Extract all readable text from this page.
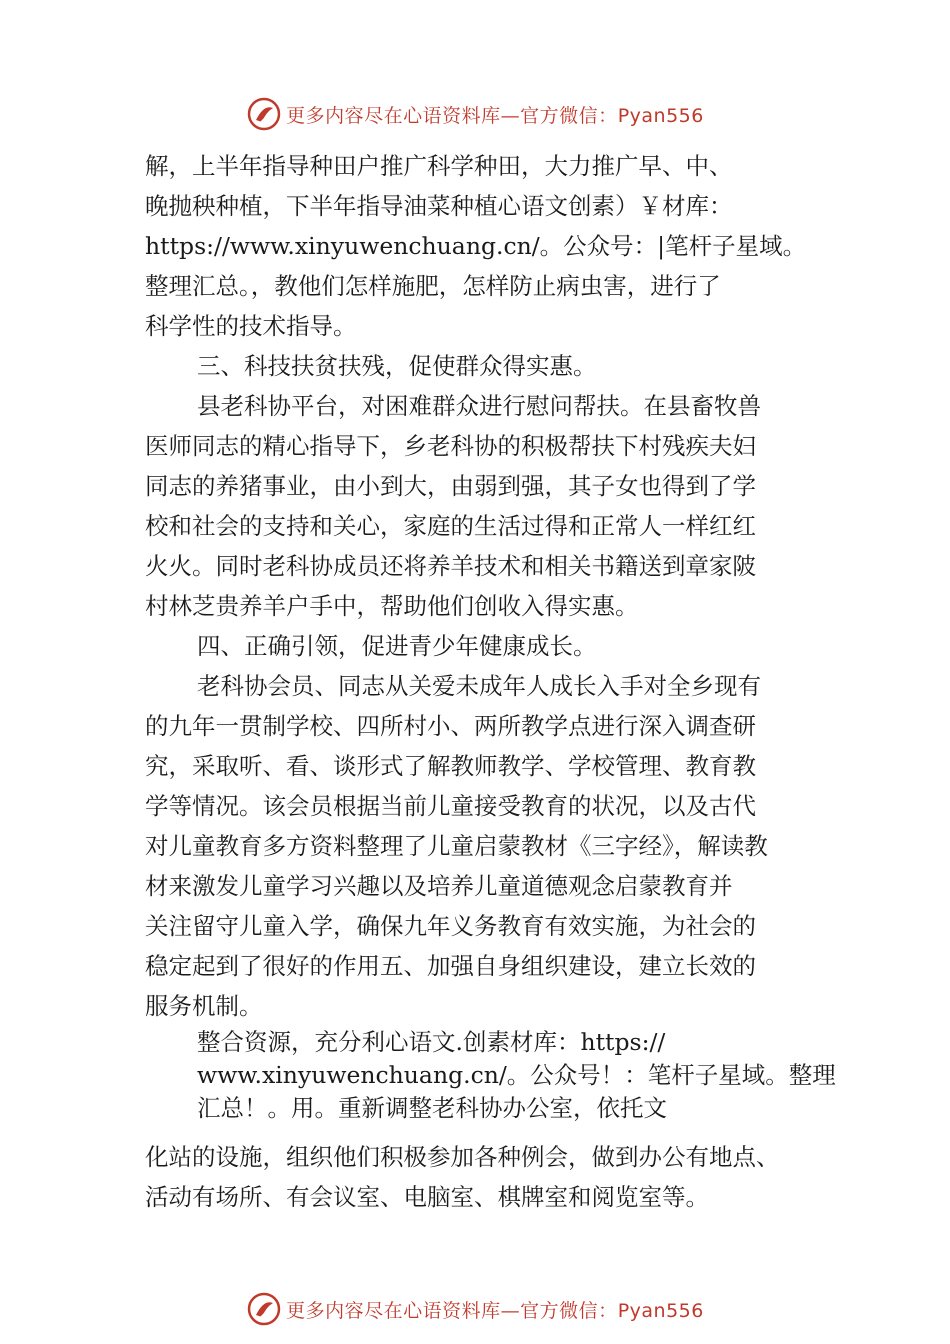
更多内容尽在心语资料库—官方微信：Pyan556
解，上半年指导种田户推广科学种田，大力推广早、中、
晚抛秧种植，下半年指导油菜种植心语文创素）￥材库：
https://www.xinyuwenchuang.cn/。公众号：|笔杆子星域。
整理汇总。，教他们怎样施肥，怎样防止病虫害，进行了
科学性的技术指导。
三、科技扶贫扶残，促使群众得实惠。
县老科协平台，对困难群众进行慰问帮扶。在县畜牧兽
医师同志的精心指导下，乡老科协的积极帮扶下村残疾夫妇
同志的养猪事业，由小到大，由弱到强，其子女也得到了学
校和社会的支持和关心，家庭的生活过得和正常人一样红红
火火。同时老科协成员还将养羊技术和相关书籍送到章家陂
村林芝贵养羊户手中，帮助他们创收入得实惠。
四、正确引领，促进青少年健康成长。
老科协会员、同志从关爱未成年人成长入手对全乡现有
的九年一贯制学校、四所村小、两所教学点进行深入调查研
究，采取听、看、谈形式了解教师教学、学校管理、教育教
学等情况。该会员根据当前儿童接受教育的状况，以及古代
对儿童教育多方资料整理了儿童启蒙教材《三字经》，解读教
材来激发儿童学习兴趣以及培养儿童道德观念启蒙教育并
关注留守儿童入学，确保九年义务教育有效实施，为社会的
稳定起到了很好的作用五、加强自身组织建设，建立长效的
服务机制。
整合资源，充分利心语文.创素材库：https://
www.xinyuwenchuang.cn/。公众号！：笔杆子星域。整理
汇总！。用。重新调整老科协办公室，依托文
化站的设施，组织他们积极参加各种例会，做到办公有地点、
活动有场所、有会议室、电脑室、棋牌室和阅览室等。
更多内容尽在心语资料库—官方微信：Pyan556
